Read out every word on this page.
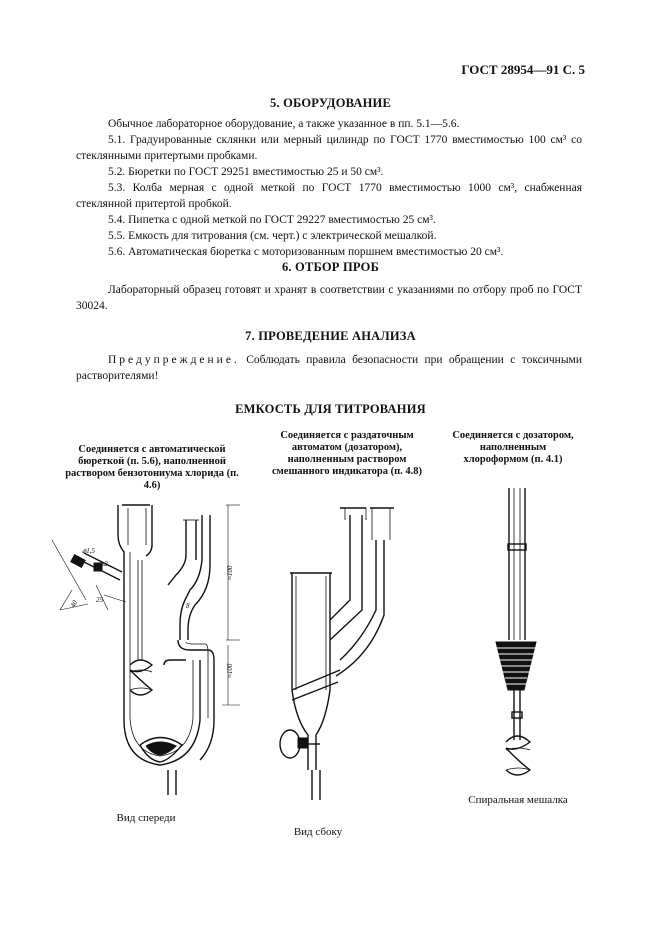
ГОСТ 28954—91 С. 5
5. ОБОРУДОВАНИЕ

Обычное лабораторное оборудование, а также указанное в пп. 5.1—5.6.

5.1. Градуированные склянки или мерный цилиндр по ГОСТ 1770 вместимостью 100 см³ со стеклянными притертыми пробками.

5.2. Бюретки по ГОСТ 29251 вместимостью 25 и 50 см³.

5.3. Колба мерная с одной меткой по ГОСТ 1770 вместимостью 1000 см³, снабженная стеклянной притертой пробкой.

5.4. Пипетка с одной меткой по ГОСТ 29227 вместимостью 25 см³.

5.5. Емкость для титрования (см. черт.) с электрической мешалкой.

5.6. Автоматическая бюретка с моторизованным поршнем вместимостью 20 см³.

6. ОТБОР ПРОБ

Лабораторный образец готовят и хранят в соответствии с указаниями по отбору проб по ГОСТ 30024.

7. ПРОВЕДЕНИЕ АНАЛИЗА

Предупреждение. Соблюдать правила безопасности при обращении с токсичными растворителями!

ЕМКОСТЬ ДЛЯ ТИТРОВАНИЯ
Соединяется с автоматической бюреткой (п. 5.6), наполненной раствором бензотониума хлорида (п. 4.6)
Соединяется с раздаточным автоматом (дозатором), наполненным раствором смешанного индикатора (п. 4.8)
Соединяется с дозатором, наполненным хлороформом (п. 4.1)
⌀1,5
⌀2
25
40	8
≈100
≈100
Вид спереди
Вид сбоку
Спиральная мешалка
